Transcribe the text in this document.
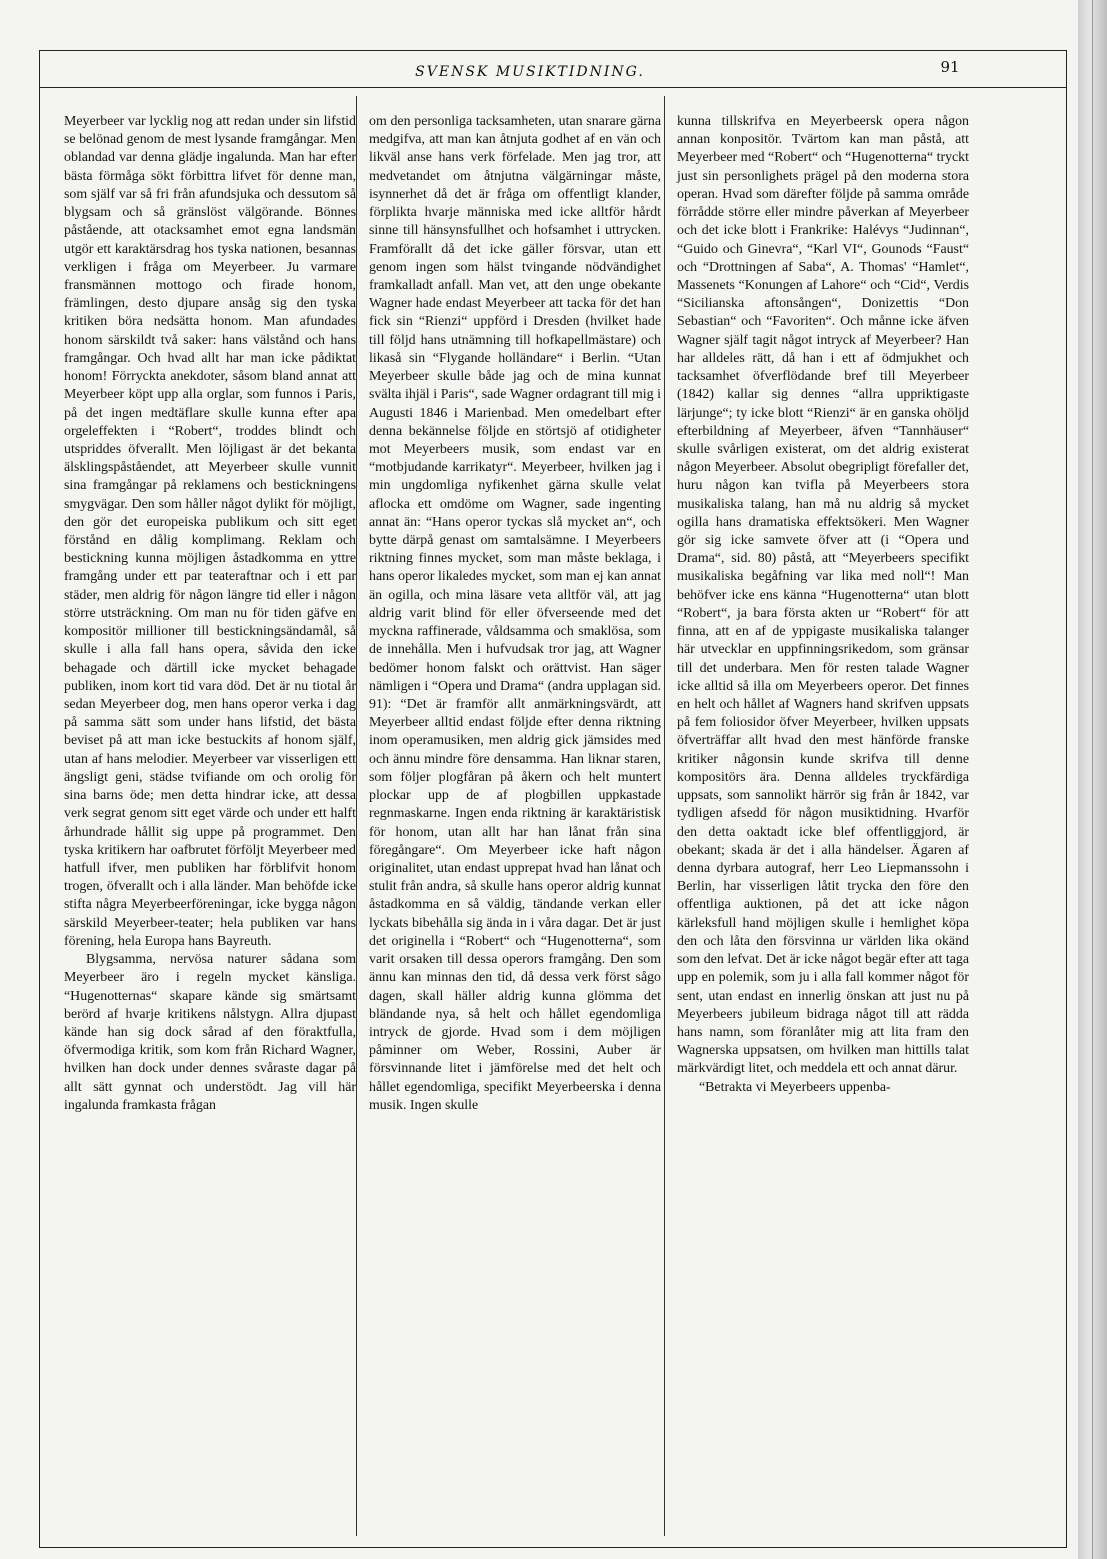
SVENSK MUSIKTIDNING.	91

Meyerbeer var lycklig nog att redan under sin lifstid se belönad genom de mest lysande framgångar. Men oblandad var denna glädje ingalunda. Man har efter bästa förmåga sökt förbittra lifvet för denne man, som själf var så fri från afundsjuka och dessutom så blygsam och så gränslöst välgörande. Bönnes påstående, att otacksamhet emot egna landsmän utgör ett karaktärsdrag hos tyska nationen, besannas verkligen i fråga om Meyerbeer. Ju varmare fransmännen mottogo och firade honom, främlingen, desto djupare ansåg sig den tyska kritiken böra nedsätta honom. Man afundades honom särskildt två saker: hans välstånd och hans framgångar. Och hvad allt har man icke pådiktat honom! Förryckta anekdoter, såsom bland annat att Meyerbeer köpt upp alla orglar, som funnos i Paris, på det ingen medtäflare skulle kunna efter apa orgeleffekten i “Robert“, troddes blindt och utspriddes öfverallt. Men löjligast är det bekanta älsklingspåståendet, att Meyerbeer skulle vunnit sina framgångar på reklamens och bestickningens smygvägar. Den som håller något dylikt för möjligt, den gör det europeiska publikum och sitt eget förstånd en dålig komplimang. Reklam och bestickning kunna möjligen åstadkomma en yttre framgång under ett par teateraftnar och i ett par städer, men aldrig för någon längre tid eller i någon större utsträckning. Om man nu för tiden gäfve en kompositör millioner till bestickningsändamål, så skulle i alla fall hans opera, såvida den icke behagade och därtill icke mycket behagade publiken, inom kort tid vara död. Det är nu tiotal år sedan Meyerbeer dog, men hans operor verka i dag på samma sätt som under hans lifstid, det bästa beviset på att man icke bestuckits af honom själf, utan af hans melodier. Meyerbeer var visserligen ett ängsligt geni, städse tvifiande om och orolig för sina barns öde; men detta hindrar icke, att dessa verk segrat genom sitt eget värde och under ett halft århundrade hållit sig uppe på programmet. Den tyska kritikern har oafbrutet förföljt Meyerbeer med hatfull ifver, men publiken har förblifvit honom trogen, öfverallt och i alla länder. Man behöfde icke stifta några Meyerbeerföreningar, icke bygga någon särskild Meyerbeer-teater; hela publiken var hans förening, hela Europa hans Bayreuth.

Blygsamma, nervösa naturer sådana som Meyerbeer äro i regeln mycket känsliga. “Hugenotternas“ skapare kände sig smärtsamt berörd af hvarje kritikens nålstygn. Allra djupast kände han sig dock sårad af den föraktfulla, öfvermodiga kritik, som kom från Richard Wagner, hvilken han dock under dennes svåraste dagar på allt sätt gynnat och understödt. Jag vill här ingalunda framkasta frågan

om den personliga tacksamheten, utan snarare gärna medgifva, att man kan åtnjuta godhet af en vän och likväl anse hans verk förfelade. Men jag tror, att medvetandet om åtnjutna välgärningar måste, isynnerhet då det är fråga om offentligt klander, förplikta hvarje människa med icke alltför hårdt sinne till hänsynsfullhet och hofsamhet i uttrycken. Framförallt då det icke gäller försvar, utan ett genom ingen som hälst tvingande nödvändighet framkalladt anfall. Man vet, att den unge obekante Wagner hade endast Meyerbeer att tacka för det han fick sin “Rienzi“ uppförd i Dresden (hvilket hade till följd hans utnämning till hofkapellmästare) och likaså sin “Flygande holländare“ i Berlin. “Utan Meyerbeer skulle både jag och de mina kunnat svälta ihjäl i Paris“, sade Wagner ordagrant till mig i Augusti 1846 i Marienbad. Men omedelbart efter denna bekännelse följde en störtsjö af otidigheter mot Meyerbeers musik, som endast var en “motbjudande karrikatyr“. Meyerbeer, hvilken jag i min ungdomliga nyfikenhet gärna skulle velat aflocka ett omdöme om Wagner, sade ingenting annat än: “Hans operor tyckas slå mycket an“, och bytte därpå genast om samtalsämne. I Meyerbeers riktning finnes mycket, som man måste beklaga, i hans operor likaledes mycket, som man ej kan annat än ogilla, och mina läsare veta alltför väl, att jag aldrig varit blind för eller öfverseende med det myckna raffinerade, våldsamma och smaklösa, som de innehålla. Men i hufvudsak tror jag, att Wagner bedömer honom falskt och orättvist. Han säger nämligen i “Opera und Drama“ (andra upplagan sid. 91): “Det är framför allt anmärkningsvärdt, att Meyerbeer alltid endast följde efter denna riktning inom operamusiken, men aldrig gick jämsides med och ännu mindre före densamma. Han liknar staren, som följer plogfåran på åkern och helt muntert plockar upp de af plogbillen uppkastade regnmaskarne. Ingen enda riktning är karaktäristisk för honom, utan allt har han lånat från sina föregångare“. Om Meyerbeer icke haft någon originalitet, utan endast upprepat hvad han lånat och stulit från andra, så skulle hans operor aldrig kunnat åstadkomma en så väldig, tändande verkan eller lyckats bibehålla sig ända in i våra dagar. Det är just det originella i “Robert“ och “Hugenotterna“, som varit orsaken till dessa operors framgång. Den som ännu kan minnas den tid, då dessa verk först sågo dagen, skall häller aldrig kunna glömma det bländande nya, så helt och hållet egendomliga intryck de gjorde. Hvad som i dem möjligen påminner om Weber, Rossini, Auber är försvinnande litet i jämförelse med det helt och hållet egendomliga, specifikt Meyerbeerska i denna musik. Ingen skulle

kunna tillskrifva en Meyerbeersk opera någon annan konpositör. Tvärtom kan man påstå, att Meyerbeer med “Robert“ och “Hugenotterna“ tryckt just sin personlighets prägel på den moderna stora operan. Hvad som därefter följde på samma område förrådde större eller mindre påverkan af Meyerbeer och det icke blott i Frankrike: Halévys “Judinnan“, “Guido och Ginevra“, “Karl VI“, Gounods “Faust“ och “Drottningen af Saba“, A. Thomas' “Hamlet“, Massenets “Konungen af Lahore“ och “Cid“, Verdis “Sicilianska aftonsången“, Donizettis “Don Sebastian“ och “Favoriten“. Och månne icke äfven Wagner själf tagit något intryck af Meyerbeer? Han har alldeles rätt, då han i ett af ödmjukhet och tacksamhet öfverflödande bref till Meyerbeer (1842) kallar sig dennes “allra uppriktigaste lärjunge“; ty icke blott “Rienzi“ är en ganska ohöljd efterbildning af Meyerbeer, äfven “Tannhäuser“ skulle svårligen existerat, om det aldrig existerat någon Meyerbeer. Absolut obegripligt förefaller det, huru någon kan tvifla på Meyerbeers stora musikaliska talang, han må nu aldrig så mycket ogilla hans dramatiska effektsökeri. Men Wagner gör sig icke samvete öfver att (i “Opera und Drama“, sid. 80) påstå, att “Meyerbeers specifikt musikaliska begåfning var lika med noll“! Man behöfver icke ens känna “Hugenotterna“ utan blott “Robert“, ja bara första akten ur “Robert“ för att finna, att en af de yppigaste musikaliska talanger här utvecklar en uppfinningsrikedom, som gränsar till det underbara. Men för resten talade Wagner icke alltid så illa om Meyerbeers operor. Det finnes en helt och hållet af Wagners hand skrifven uppsats på fem foliosidor öfver Meyerbeer, hvilken uppsats öfverträffar allt hvad den mest hänförde franske kritiker någonsin kunde skrifva till denne kompositörs ära. Denna alldeles tryckfärdiga uppsats, som sannolikt härrör sig från år 1842, var tydligen afsedd för någon musiktidning. Hvarför den detta oaktadt icke blef offentliggjord, är obekant; skada är det i alla händelser. Ägaren af denna dyrbara autograf, herr Leo Liepmanssohn i Berlin, har visserligen låtit trycka den före den offentliga auktionen, på det att icke någon kärleksfull hand möjligen skulle i hemlighet köpa den och låta den försvinna ur världen lika okänd som den lefvat. Det är icke något begär efter att taga upp en polemik, som ju i alla fall kommer något för sent, utan endast en innerlig önskan att just nu på Meyerbeers jubileum bidraga något till att rädda hans namn, som föranlåter mig att lita fram den Wagnerska uppsatsen, om hvilken man hittills talat märkvärdigt litet, och meddela ett och annat därur.

“Betrakta vi Meyerbeers uppenba-
